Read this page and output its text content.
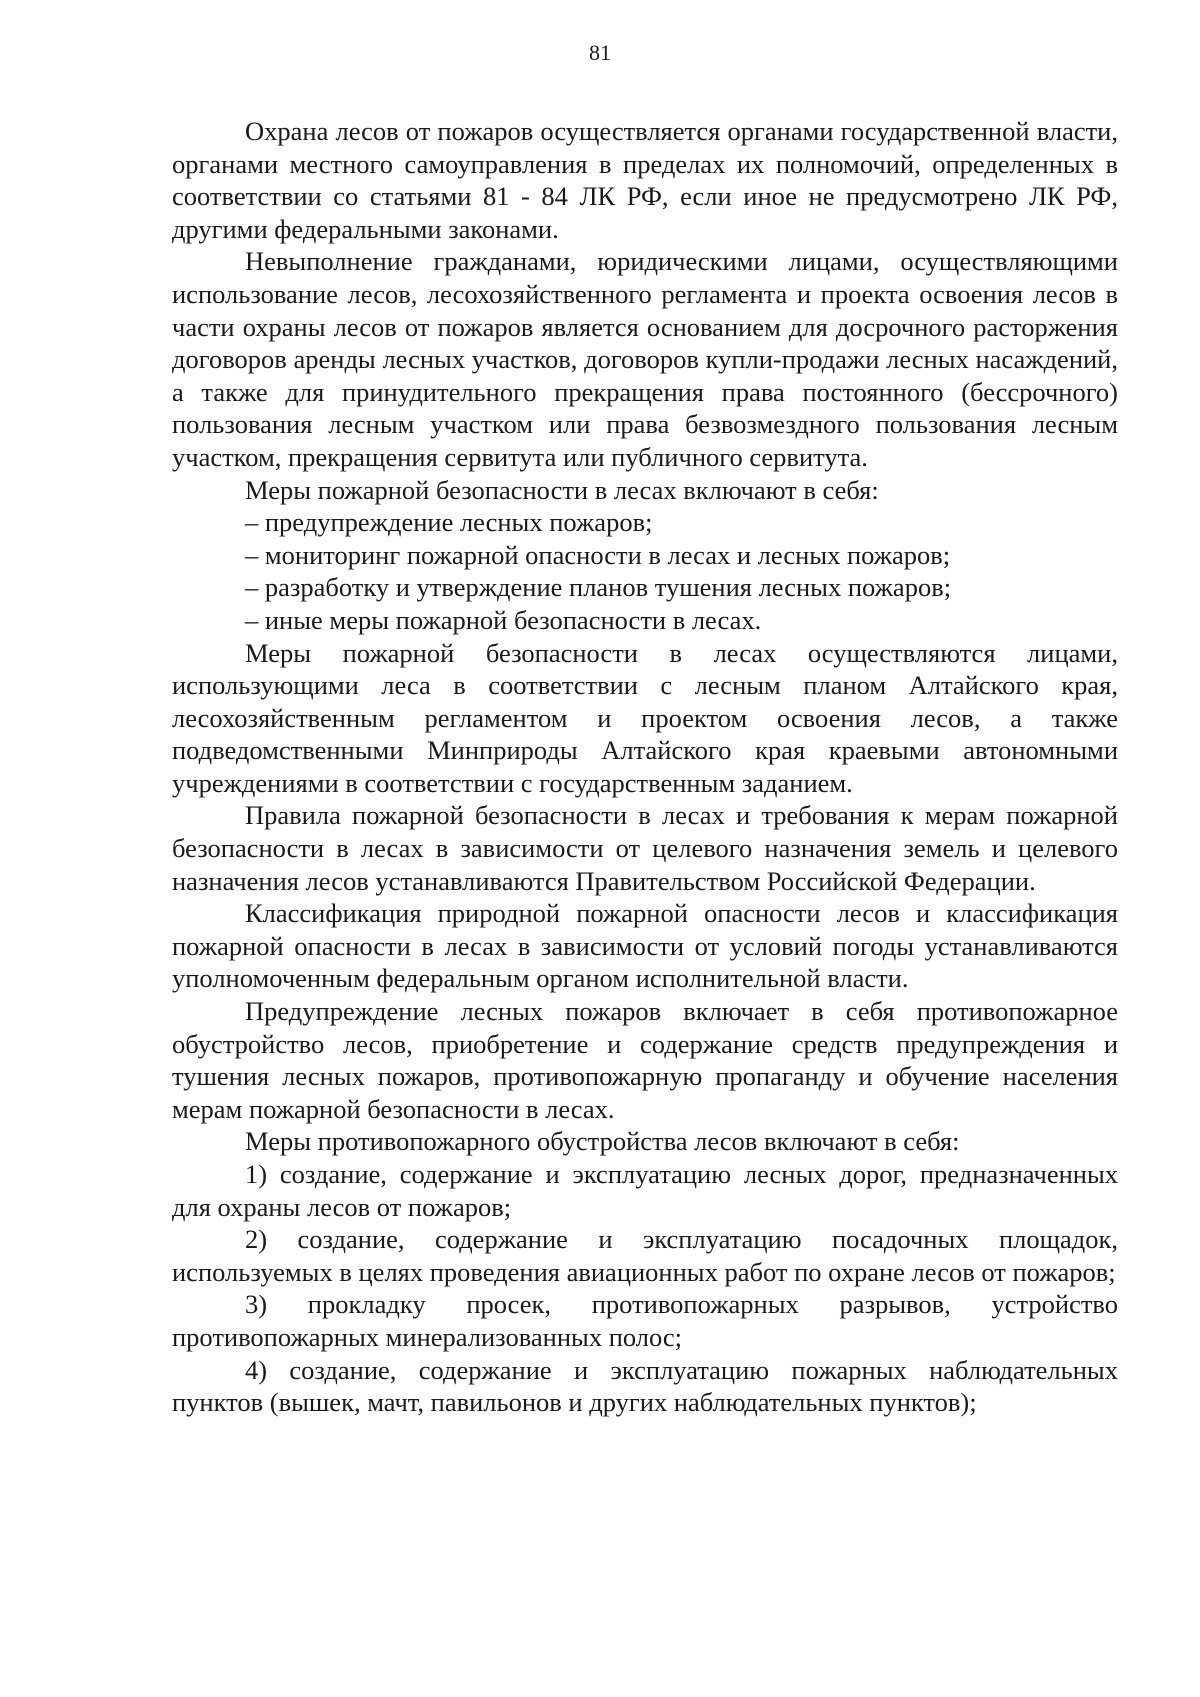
81

Охрана лесов от пожаров осуществляется органами государственной власти, органами местного самоуправления в пределах их полномочий, определенных в соответствии со статьями 81 - 84 ЛК РФ, если иное не предусмотрено ЛК РФ, другими федеральными законами.

Невыполнение гражданами, юридическими лицами, осуществляющими использование лесов, лесохозяйственного регламента и проекта освоения лесов в части охраны лесов от пожаров является основанием для досрочного расторжения договоров аренды лесных участков, договоров купли-продажи лесных насаждений, а также для принудительного прекращения права постоянного (бессрочного) пользования лесным участком или права безвозмездного пользования лесным участком, прекращения сервитута или публичного сервитута.

Меры пожарной безопасности в лесах включают в себя:

– предупреждение лесных пожаров;

– мониторинг пожарной опасности в лесах и лесных пожаров;

– разработку и утверждение планов тушения лесных пожаров;

– иные меры пожарной безопасности в лесах.

Меры пожарной безопасности в лесах осуществляются лицами, использующими леса в соответствии с лесным планом Алтайского края, лесохозяйственным регламентом и проектом освоения лесов, а также подведомственными Минприроды Алтайского края краевыми автономными учреждениями в соответствии с государственным заданием.

Правила пожарной безопасности в лесах и требования к мерам пожарной безопасности в лесах в зависимости от целевого назначения земель и целевого назначения лесов устанавливаются Правительством Российской Федерации.

Классификация природной пожарной опасности лесов и классификация пожарной опасности в лесах в зависимости от условий погоды устанавливаются уполномоченным федеральным органом исполнительной власти.

Предупреждение лесных пожаров включает в себя противопожарное обустройство лесов, приобретение и содержание средств предупреждения и тушения лесных пожаров, противопожарную пропаганду и обучение населения мерам пожарной безопасности в лесах.

Меры противопожарного обустройства лесов включают в себя:

1) создание, содержание и эксплуатацию лесных дорог, предназначенных для охраны лесов от пожаров;

2) создание, содержание и эксплуатацию посадочных площадок, используемых в целях проведения авиационных работ по охране лесов от пожаров;

3) прокладку просек, противопожарных разрывов, устройство противопожарных минерализованных полос;

4) создание, содержание и эксплуатацию пожарных наблюдательных пунктов (вышек, мачт, павильонов и других наблюдательных пунктов);
